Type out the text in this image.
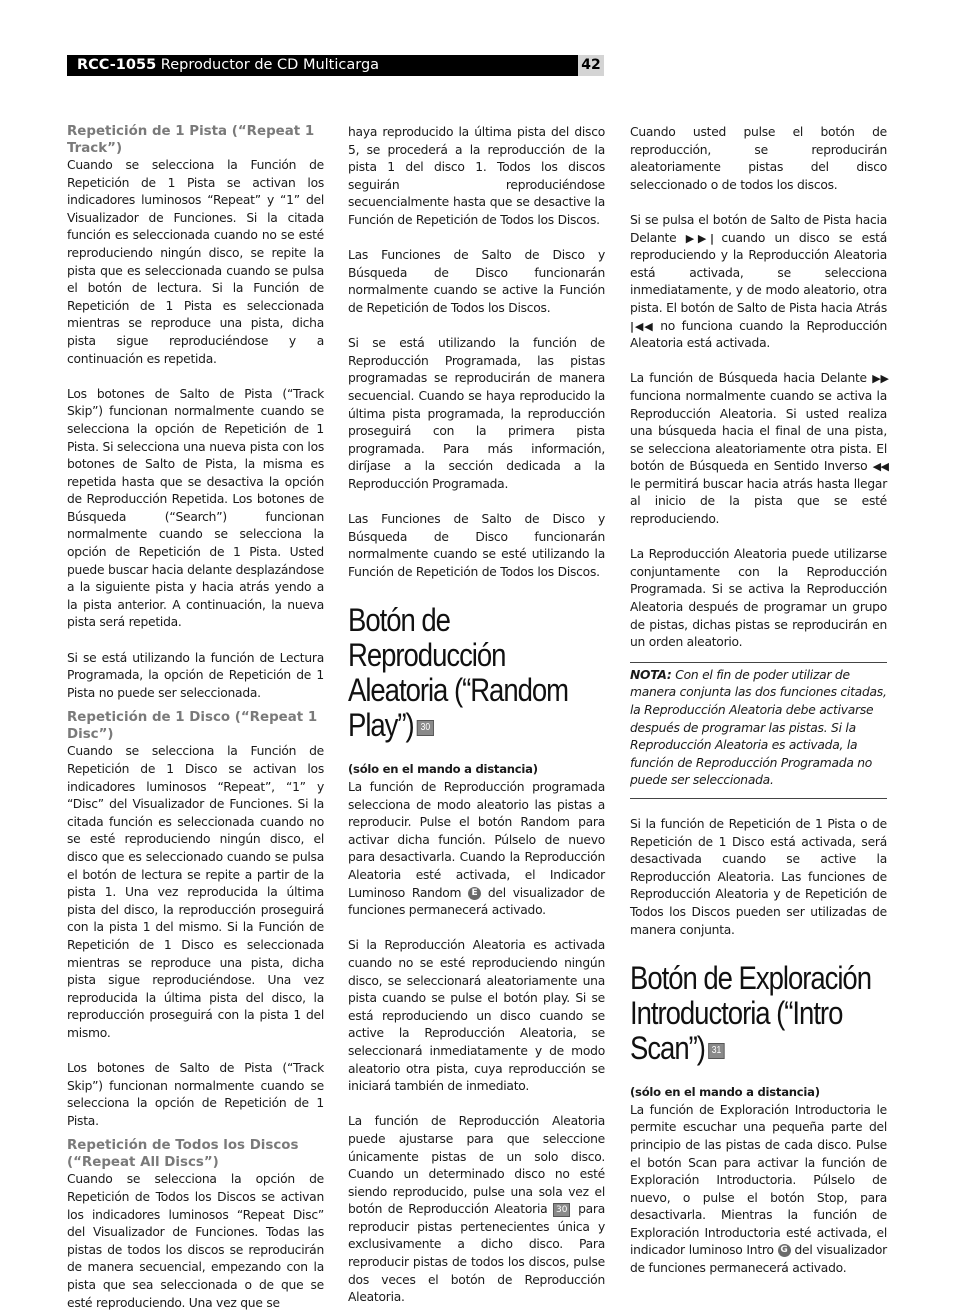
RCC-1055 Reproductor de CD Multicarga	42
Repetición de 1 Pista (“Repeat 1 Track”)

Cuando se selecciona la Función de Repetición de 1 Pista se activan los indicadores luminosos “Repeat” y “1” del Visualizador de Funciones. Si la citada función es seleccionada cuando no se esté reproduciendo ningún disco, se repite la pista que es seleccionada cuando se pulsa el botón de lectura. Si la Función de Repetición de 1 Pista es seleccionada mientras se reproduce una pista, dicha pista sigue reproduciéndose y a continuación es repetida.

Los botones de Salto de Pista (“Track Skip”) funcionan normalmente cuando se selecciona la opción de Repetición de 1 Pista. Si selecciona una nueva pista con los botones de Salto de Pista, la misma es repetida hasta que se desactiva la opción de Reproducción Repetida. Los botones de Búsqueda (“Search”) funcionan normalmente cuando se selecciona la opción de Repetición de 1 Pista. Usted puede buscar hacia delante desplazándose a la siguiente pista y hacia atrás yendo a la pista anterior. A continuación, la nueva pista será repetida.

Si se está utilizando la función de Lectura Programada, la opción de Repetición de 1 Pista no puede ser seleccionada.

Repetición de 1 Disco (“Repeat 1 Disc”)

Cuando se selecciona la Función de Repetición de 1 Disco se activan los indicadores luminosos “Repeat”, “1” y “Disc” del Visualizador de Funciones. Si la citada función es seleccionada cuando no se esté reproduciendo ningún disco, el disco que es seleccionado cuando se pulsa el botón de lectura se repite a partir de la pista 1. Una vez reproducida la última pista del disco, la reproducción proseguirá con la pista 1 del mismo. Si la Función de Repetición de 1 Disco es seleccionada mientras se reproduce una pista, dicha pista sigue reproduciéndose. Una vez reproducida la última pista del disco, la reproducción proseguirá con la pista 1 del mismo.

Los botones de Salto de Pista (“Track Skip”) funcionan normalmente cuando se selecciona la opción de Repetición de 1 Pista.

Repetición de Todos los Discos (“Repeat All Discs”)

Cuando se selecciona la opción de Repetición de Todos los Discos se activan los indicadores luminosos “Repeat Disc” del Visualizador de Funciones. Todas las pistas de todos los discos se reproducirán de manera secuencial, empezando con la pista que sea seleccionada o de que se esté reproduciendo. Una vez que se

haya reproducido la última pista del disco 5, se procederá a la reproducción de la pista 1 del disco 1. Todos los discos seguirán reproduciéndose secuencialmente hasta que se desactive la Función de Repetición de Todos los Discos.

Las Funciones de Salto de Disco y Búsqueda de Disco funcionarán normalmente cuando se active la Función de Repetición de Todos los Discos.

Si se está utilizando la función de Reproducción Programada, las pistas programadas se reproducirán de manera secuencial. Cuando se haya reproducido la última pista programada, la reproducción proseguirá con la primera pista programada. Para más información, diríjase a la sección dedicada a la Reproducción Programada.

Las Funciones de Salto de Disco y Búsqueda de Disco funcionarán normalmente cuando se esté utilizando la Función de Repetición de Todos los Discos.

Botón de Reproducción Aleatoria (“Random Play”) 30

(sólo en el mando a distancia)

La función de Reproducción programada selecciona de modo aleatorio las pistas a reproducir. Pulse el botón Random para activar dicha función. Púlselo de nuevo para desactivarla. Cuando la Reproducción Aleatoria esté activada, el Indicador Luminoso Random E del visualizador de funciones permanecerá activado.

Si la Reproducción Aleatoria es activada cuando no se esté reproduciendo ningún disco, se seleccionará aleatoriamente una pista cuando se pulse el botón play. Si se está reproduciendo un disco cuando se active la Reproducción Aleatoria, se seleccionará inmediatamente y de modo aleatorio otra pista, cuya reproducción se iniciará también de inmediato.

La función de Reproducción Aleatoria puede ajustarse para que seleccione únicamente pistas de un solo disco. Cuando un determinado disco no esté siendo reproducido, pulse una sola vez el botón de Reproducción Aleatoria 30 para reproducir pistas pertenecientes única y exclusivamente a dicho disco. Para reproducir pistas de todos los discos, pulse dos veces el botón de Reproducción Aleatoria.

Cuando usted pulse el botón de reproducción, se reproducirán aleatoriamente pistas del disco seleccionado o de todos los discos.

Si se pulsa el botón de Salto de Pista hacia Delante ▶▶| cuando un disco se está reproduciendo y la Reproducción Aleatoria está activada, se selecciona inmediatamente, y de modo aleatorio, otra pista. El botón de Salto de Pista hacia Atrás |◀◀ no funciona cuando la Reproducción Aleatoria está activada.

La función de Búsqueda hacia Delante ▶▶ funciona normalmente cuando se activa la Reproducción Aleatoria. Si usted realiza una búsqueda hacia el final de una pista, se selecciona aleatoriamente otra pista. El botón de Búsqueda en Sentido Inverso ◀◀ le permitirá buscar hacia atrás hasta llegar al inicio de la pista que se esté reproduciendo.

La Reproducción Aleatoria puede utilizarse conjuntamente con la Reproducción Programada. Si se activa la Reproducción Aleatoria después de programar un grupo de pistas, dichas pistas se reproducirán en un orden aleatorio.

NOTA: Con el fin de poder utilizar de manera conjunta las dos funciones citadas, la Reproducción Aleatoria debe activarse después de programar las pistas. Si la Reproducción Aleatoria es activada, la función de Reproducción Programada no puede ser seleccionada.

Si la función de Repetición de 1 Pista o de Repetición de 1 Disco está activada, será desactivada cuando se active la Reproducción Aleatoria. Las funciones de Reproducción Aleatoria y de Repetición de Todos los Discos pueden ser utilizadas de manera conjunta.

Botón de Exploración Introductoria (“Intro Scan”) 31

(sólo en el mando a distancia)

La función de Exploración Introductoria le permite escuchar una pequeña parte del principio de las pistas de cada disco. Pulse el botón Scan para activar la función de Exploración Introductoria. Púlselo de nuevo, o pulse el botón Stop, para desactivarla. Mientras la función de Exploración Introductoria esté activada, el indicador luminoso Intro G del visualizador de funciones permanecerá activado.
